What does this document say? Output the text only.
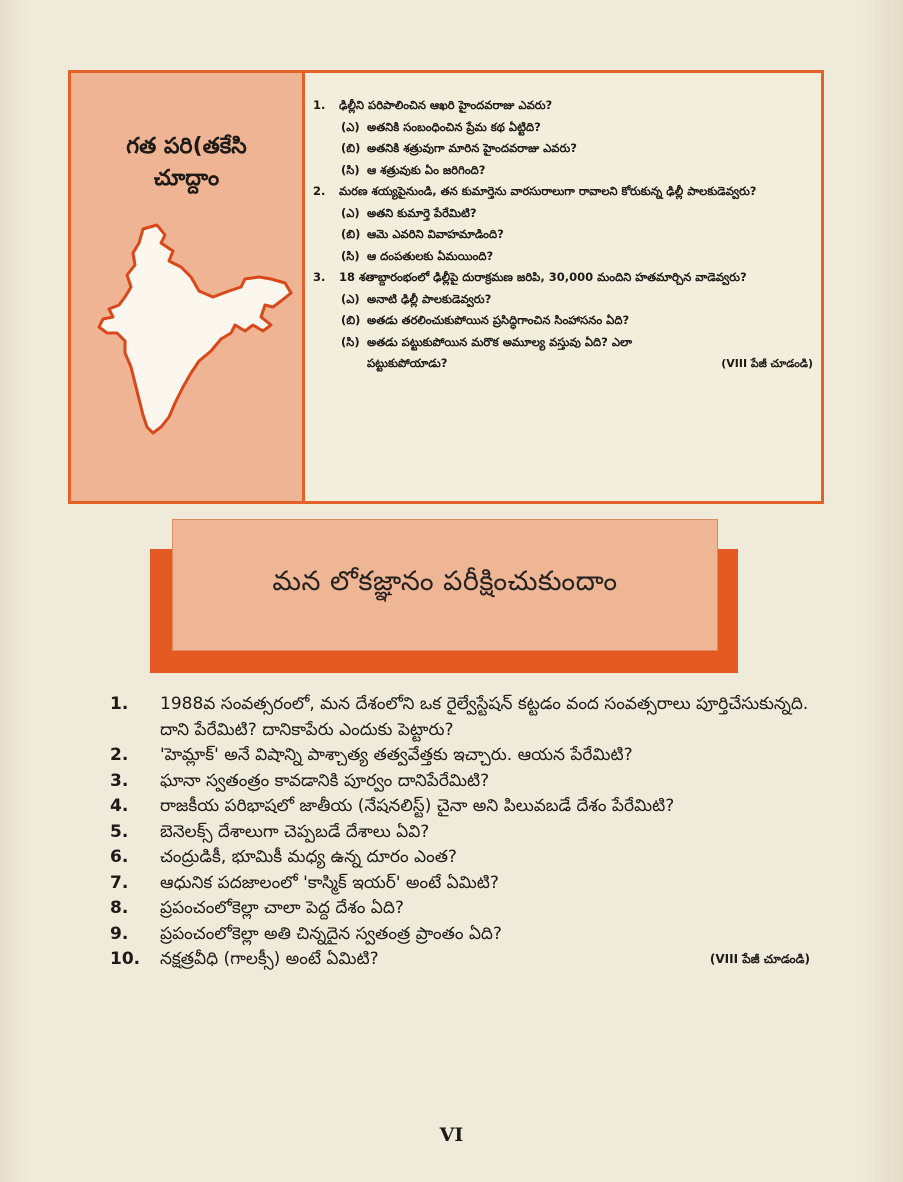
గత పరి(తకేసి
చూద్దాం
1.	ఢిల్లీని పరిపాలించిన ఆఖరి హైందవరాజు ఎవరు?
(ఎ) అతనికి సంబంధించిన ప్రేమ కథ ఏట్టిది?
(బి) అతనికి శత్రువుగా మారిన హైందవరాజు ఎవరు?
(సి) ఆ శత్రువుకు ఏం జరిగింది?
2.	మరణ శయ్యపైనుండి, తన కుమార్తెను వారసురాలుగా రావాలని కోరుకున్న ఢిల్లీ పాలకుడెవ్వరు?
(ఎ) అతని కుమార్తె పేరేమిటి?
(బి) ఆమె ఎవరిని వివాహమాడింది?
(సి) ఆ దంపతులకు ఏమయింది?
3.	18 శతాబ్దారంభంలో ఢిల్లీపై దురాక్రమణ జరిపి, 30,000 మందిని హతమార్చిన వాడెవ్వరు?
(ఎ) అనాటి ఢిల్లీ పాలకుడెవ్వరు?
(బి) అతడు తరలించుకుపోయిన ప్రసిద్ధిగాంచిన సింహాసనం ఏది?
(సి) అతడు పట్టుకుపోయిన మరొక అమూల్య వస్తువు ఏది? ఎలా
పట్టుకుపోయాడు?	(VIII పేజీ చూడండి)
మన లోకజ్ఞానం పరీక్షించుకుందాం
1.	1988వ సంవత్సరంలో, మన దేశంలోని ఒక రైల్వేస్టేషన్ కట్టడం వంద సంవత్సరాలు పూర్తిచేసుకున్నది. దాని పేరేమిటి? దానికాపేరు ఎందుకు పెట్టారు?
2.	'హెమ్లాక్' అనే విషాన్ని పాశ్చాత్య తత్వవేత్తకు ఇచ్చారు. ఆయన పేరేమిటి?
3.	ఘానా స్వతంత్రం కావడానికి పూర్వం దానిపేరేమిటి?
4.	రాజకీయ పరిభాషలో జాతీయ (నేషనలిస్ట్) చైనా అని పిలువబడే దేశం పేరేమిటి?
5.	బెనెలక్స్ దేశాలుగా చెప్పబడే దేశాలు ఏవి?
6.	చంద్రుడికీ, భూమికీ మధ్య ఉన్న దూరం ఎంత?
7.	ఆధునిక పదజాలంలో 'కాస్మిక్ ఇయర్' అంటే ఏమిటి?
8.	ప్రపంచంలోకెల్లా చాలా పెద్ద దేశం ఏది?
9.	ప్రపంచంలోకెల్లా అతి చిన్నదైన స్వతంత్ర ప్రాంతం ఏది?
10.	నక్షత్రవీధి (గాలక్సీ) అంటే ఏమిటి?	(VIII పేజీ చూడండి)
VI
